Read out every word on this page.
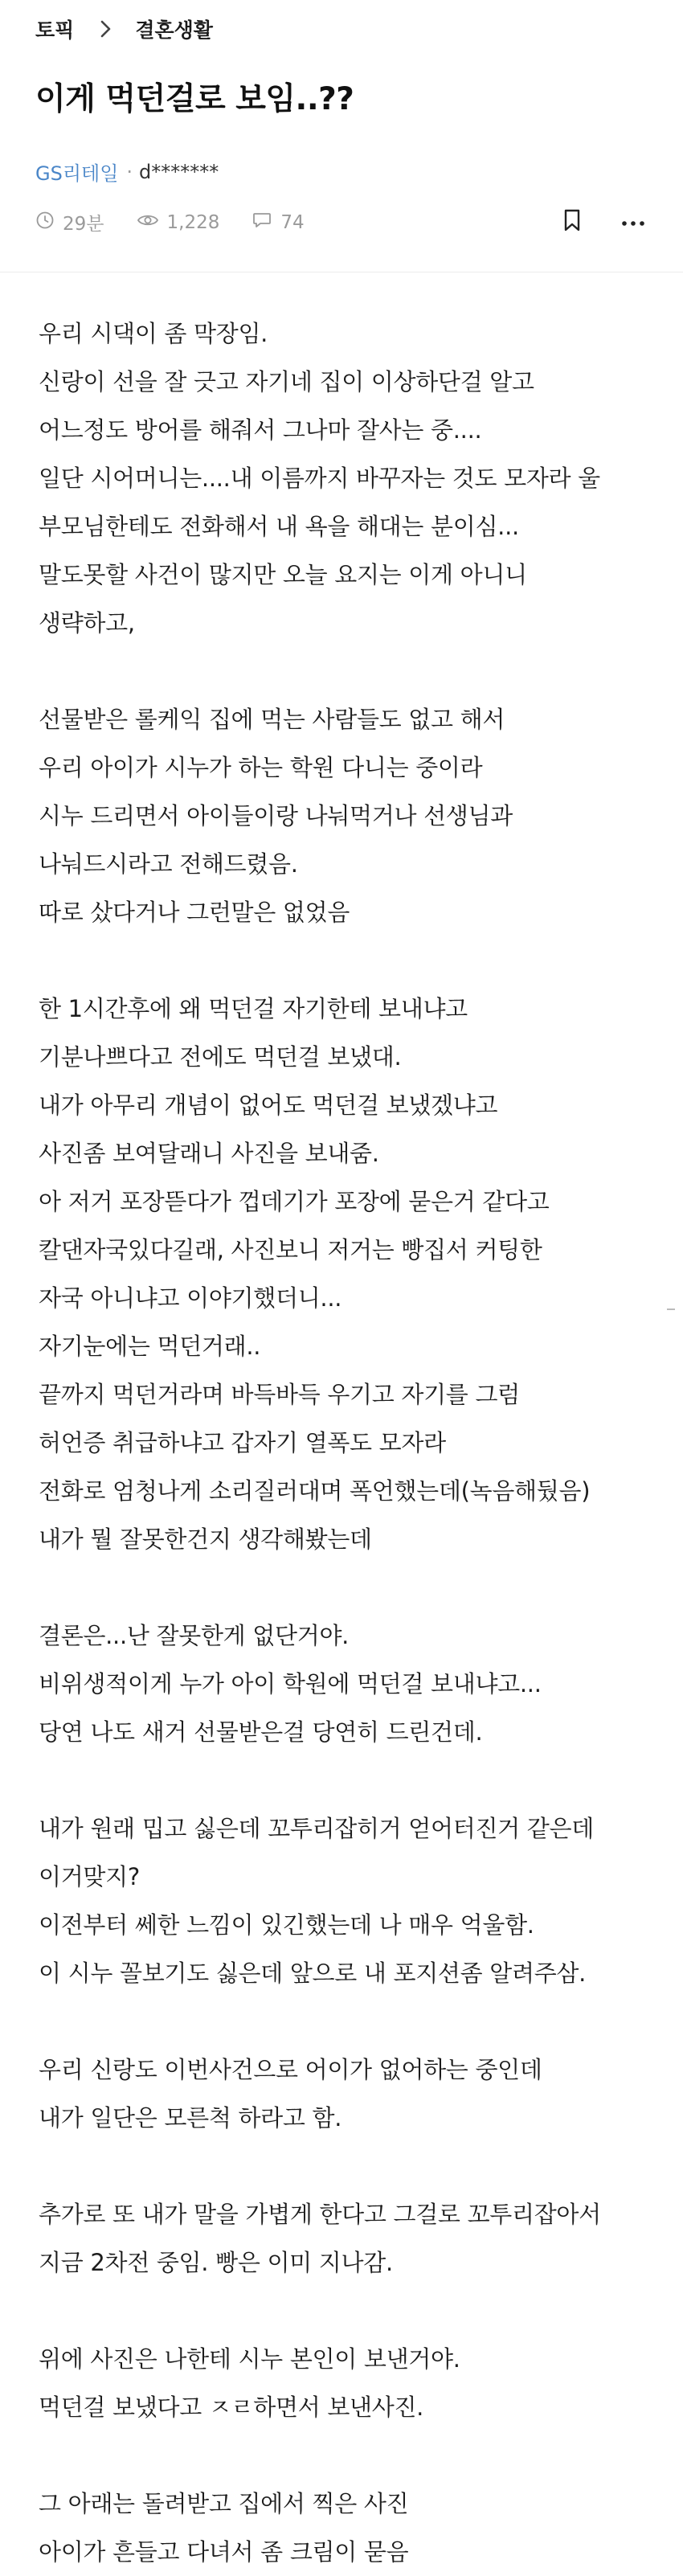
토픽	결혼생활
이게 먹던걸로 보임..??
GS리테일 · d*******
29분	1,228	74
우리 시댁이 좀 막장임.
신랑이 선을 잘 긋고 자기네 집이 이상하단걸 알고
어느정도 방어를 해줘서 그나마 잘사는 중....
일단 시어머니는....내 이름까지 바꾸자는 것도 모자라 울
부모님한테도 전화해서 내 욕을 해대는 분이심...
말도못할 사건이 많지만 오늘 요지는 이게 아니니
생략하고,
선물받은 롤케익 집에 먹는 사람들도 없고 해서
우리 아이가 시누가 하는 학원 다니는 중이라
시누 드리면서 아이들이랑 나눠먹거나 선생님과
나눠드시라고 전해드렸음.
따로 샀다거나 그런말은 없었음
한 1시간후에 왜 먹던걸 자기한테 보내냐고
기분나쁘다고 전에도 먹던걸 보냈대.
내가 아무리 개념이 없어도 먹던걸 보냈겠냐고
사진좀 보여달래니 사진을 보내줌.
아 저거 포장뜯다가 껍데기가 포장에 묻은거 같다고
칼댄자국있다길래, 사진보니 저거는 빵집서 커팅한
자국 아니냐고 이야기했더니...
자기눈에는 먹던거래..
끝까지 먹던거라며 바득바득 우기고 자기를 그럼
허언증 취급하냐고 갑자기 열폭도 모자라
전화로 엄청나게 소리질러대며 폭언했는데(녹음해뒀음)
내가 뭘 잘못한건지 생각해봤는데
결론은...난 잘못한게 없단거야.
비위생적이게 누가 아이 학원에 먹던걸 보내냐고...
당연 나도 새거 선물받은걸 당연히 드린건데.
내가 원래 밉고 싫은데 꼬투리잡히거 얻어터진거 같은데
이거맞지?
이전부터 쎄한 느낌이 있긴했는데 나 매우 억울함.
이 시누 꼴보기도 싫은데 앞으로 내 포지션좀 알려주삼.
우리 신랑도 이번사건으로 어이가 없어하는 중인데
내가 일단은 모른척 하라고 함.
추가로 또 내가 말을 가볍게 한다고 그걸로 꼬투리잡아서
지금 2차전 중임. 빵은 이미 지나감.
위에 사진은 나한테 시누 본인이 보낸거야.
먹던걸 보냈다고 ㅈㄹ하면서 보낸사진.
그 아래는 돌려받고 집에서 찍은 사진
아이가 흔들고 다녀서 좀 크림이 묻음
